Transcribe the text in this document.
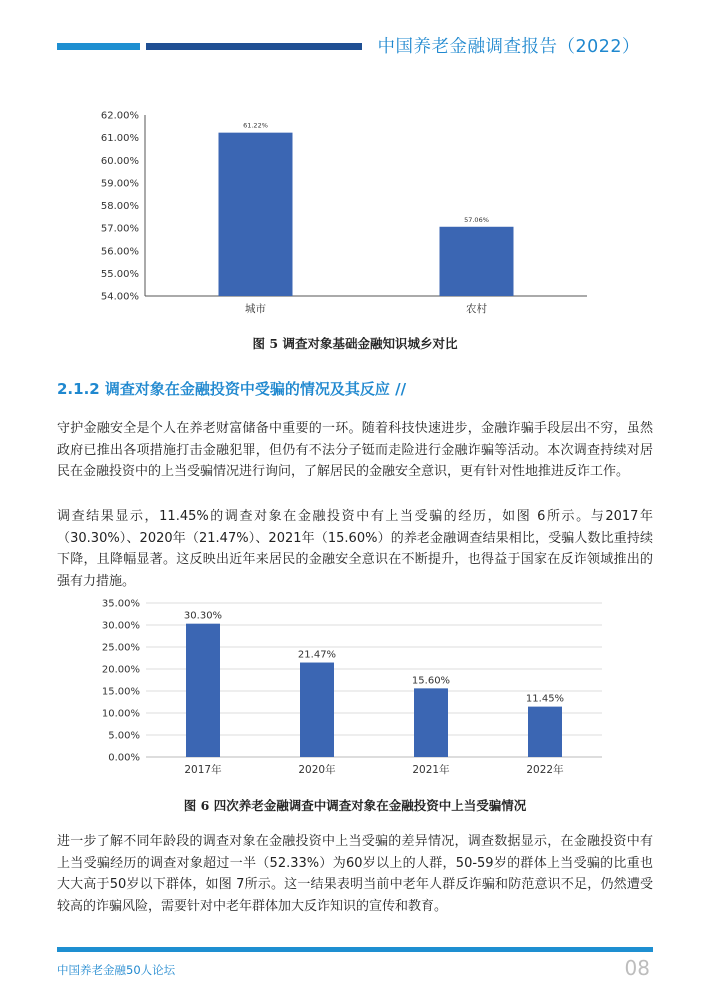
中国养老金融调查报告（2022）
54.00%
55.00%
56.00%
57.00%
58.00%
59.00%
60.00%
61.00%
62.00%
61.22%
城市
57.06%
农村
图 5 调查对象基础金融知识城乡对比
2.1.2 调查对象在金融投资中受骗的情况及其反应 //
守护金融安全是个人在养老财富储备中重要的一环。随着科技快速进步，金融诈骗手段层出不穷，虽然政府已推出各项措施打击金融犯罪，但仍有不法分子铤而走险进行金融诈骗等活动。本次调查持续对居民在金融投资中的上当受骗情况进行询问，了解居民的金融安全意识，更有针对性地推进反诈工作。
调查结果显示，11.45%的调查对象在金融投资中有上当受骗的经历，如图 6所示。与2017年（30.30%）、2020年（21.47%）、2021年（15.60%）的养老金融调查结果相比，受骗人数比重持续下降，且降幅显著。这反映出近年来居民的金融安全意识在不断提升，也得益于国家在反诈领域推出的强有力措施。
0.00%
5.00%
10.00%
15.00%
20.00%
25.00%
30.00%
35.00%
30.30%
2017年
21.47%
2020年
15.60%
2021年
11.45%
2022年
图 6 四次养老金融调查中调查对象在金融投资中上当受骗情况
进一步了解不同年龄段的调查对象在金融投资中上当受骗的差异情况，调查数据显示，在金融投资中有上当受骗经历的调查对象超过一半（52.33%）为60岁以上的人群，50-59岁的群体上当受骗的比重也大大高于50岁以下群体，如图 7所示。这一结果表明当前中老年人群反诈骗和防范意识不足，仍然遭受较高的诈骗风险，需要针对中老年群体加大反诈知识的宣传和教育。
中国养老金融50人论坛	08
